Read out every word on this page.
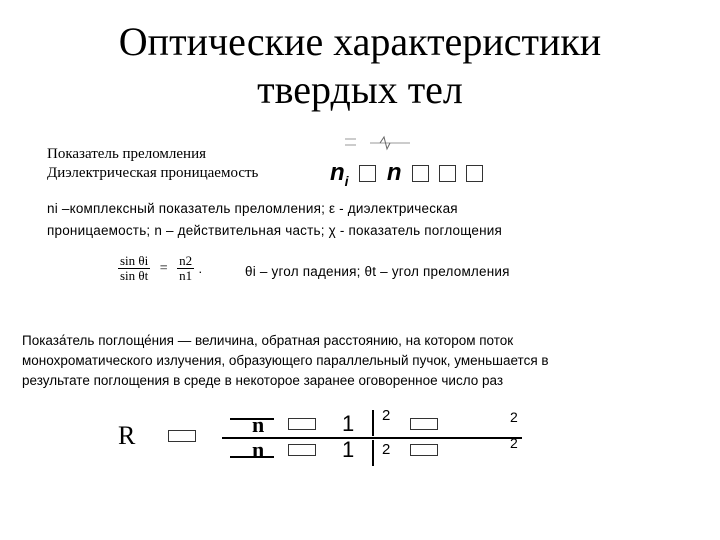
Оптические характеристики
твердых тел
Показатель преломления
Диэлектрическая проницаемость	$n_i$ n
ni –комплексный показатель преломления; ε - диэлектрическая
проницаемость; n – действительная часть; χ - показатель поглощения
$\frac{\text{sin θi}}{\text{sin θt}} = \frac{n2}{n1}$ .	θi – угол падения; θt – угол преломления
Показа́тель поглоще́ния — величина, обратная расстоянию, на котором поток
монохроматического излучения, образующего параллельный пучок, уменьшается в
результате поглощения в среде в некоторое заранее оговоренное число раз
R	n	1 2	2
n	1 2	2
